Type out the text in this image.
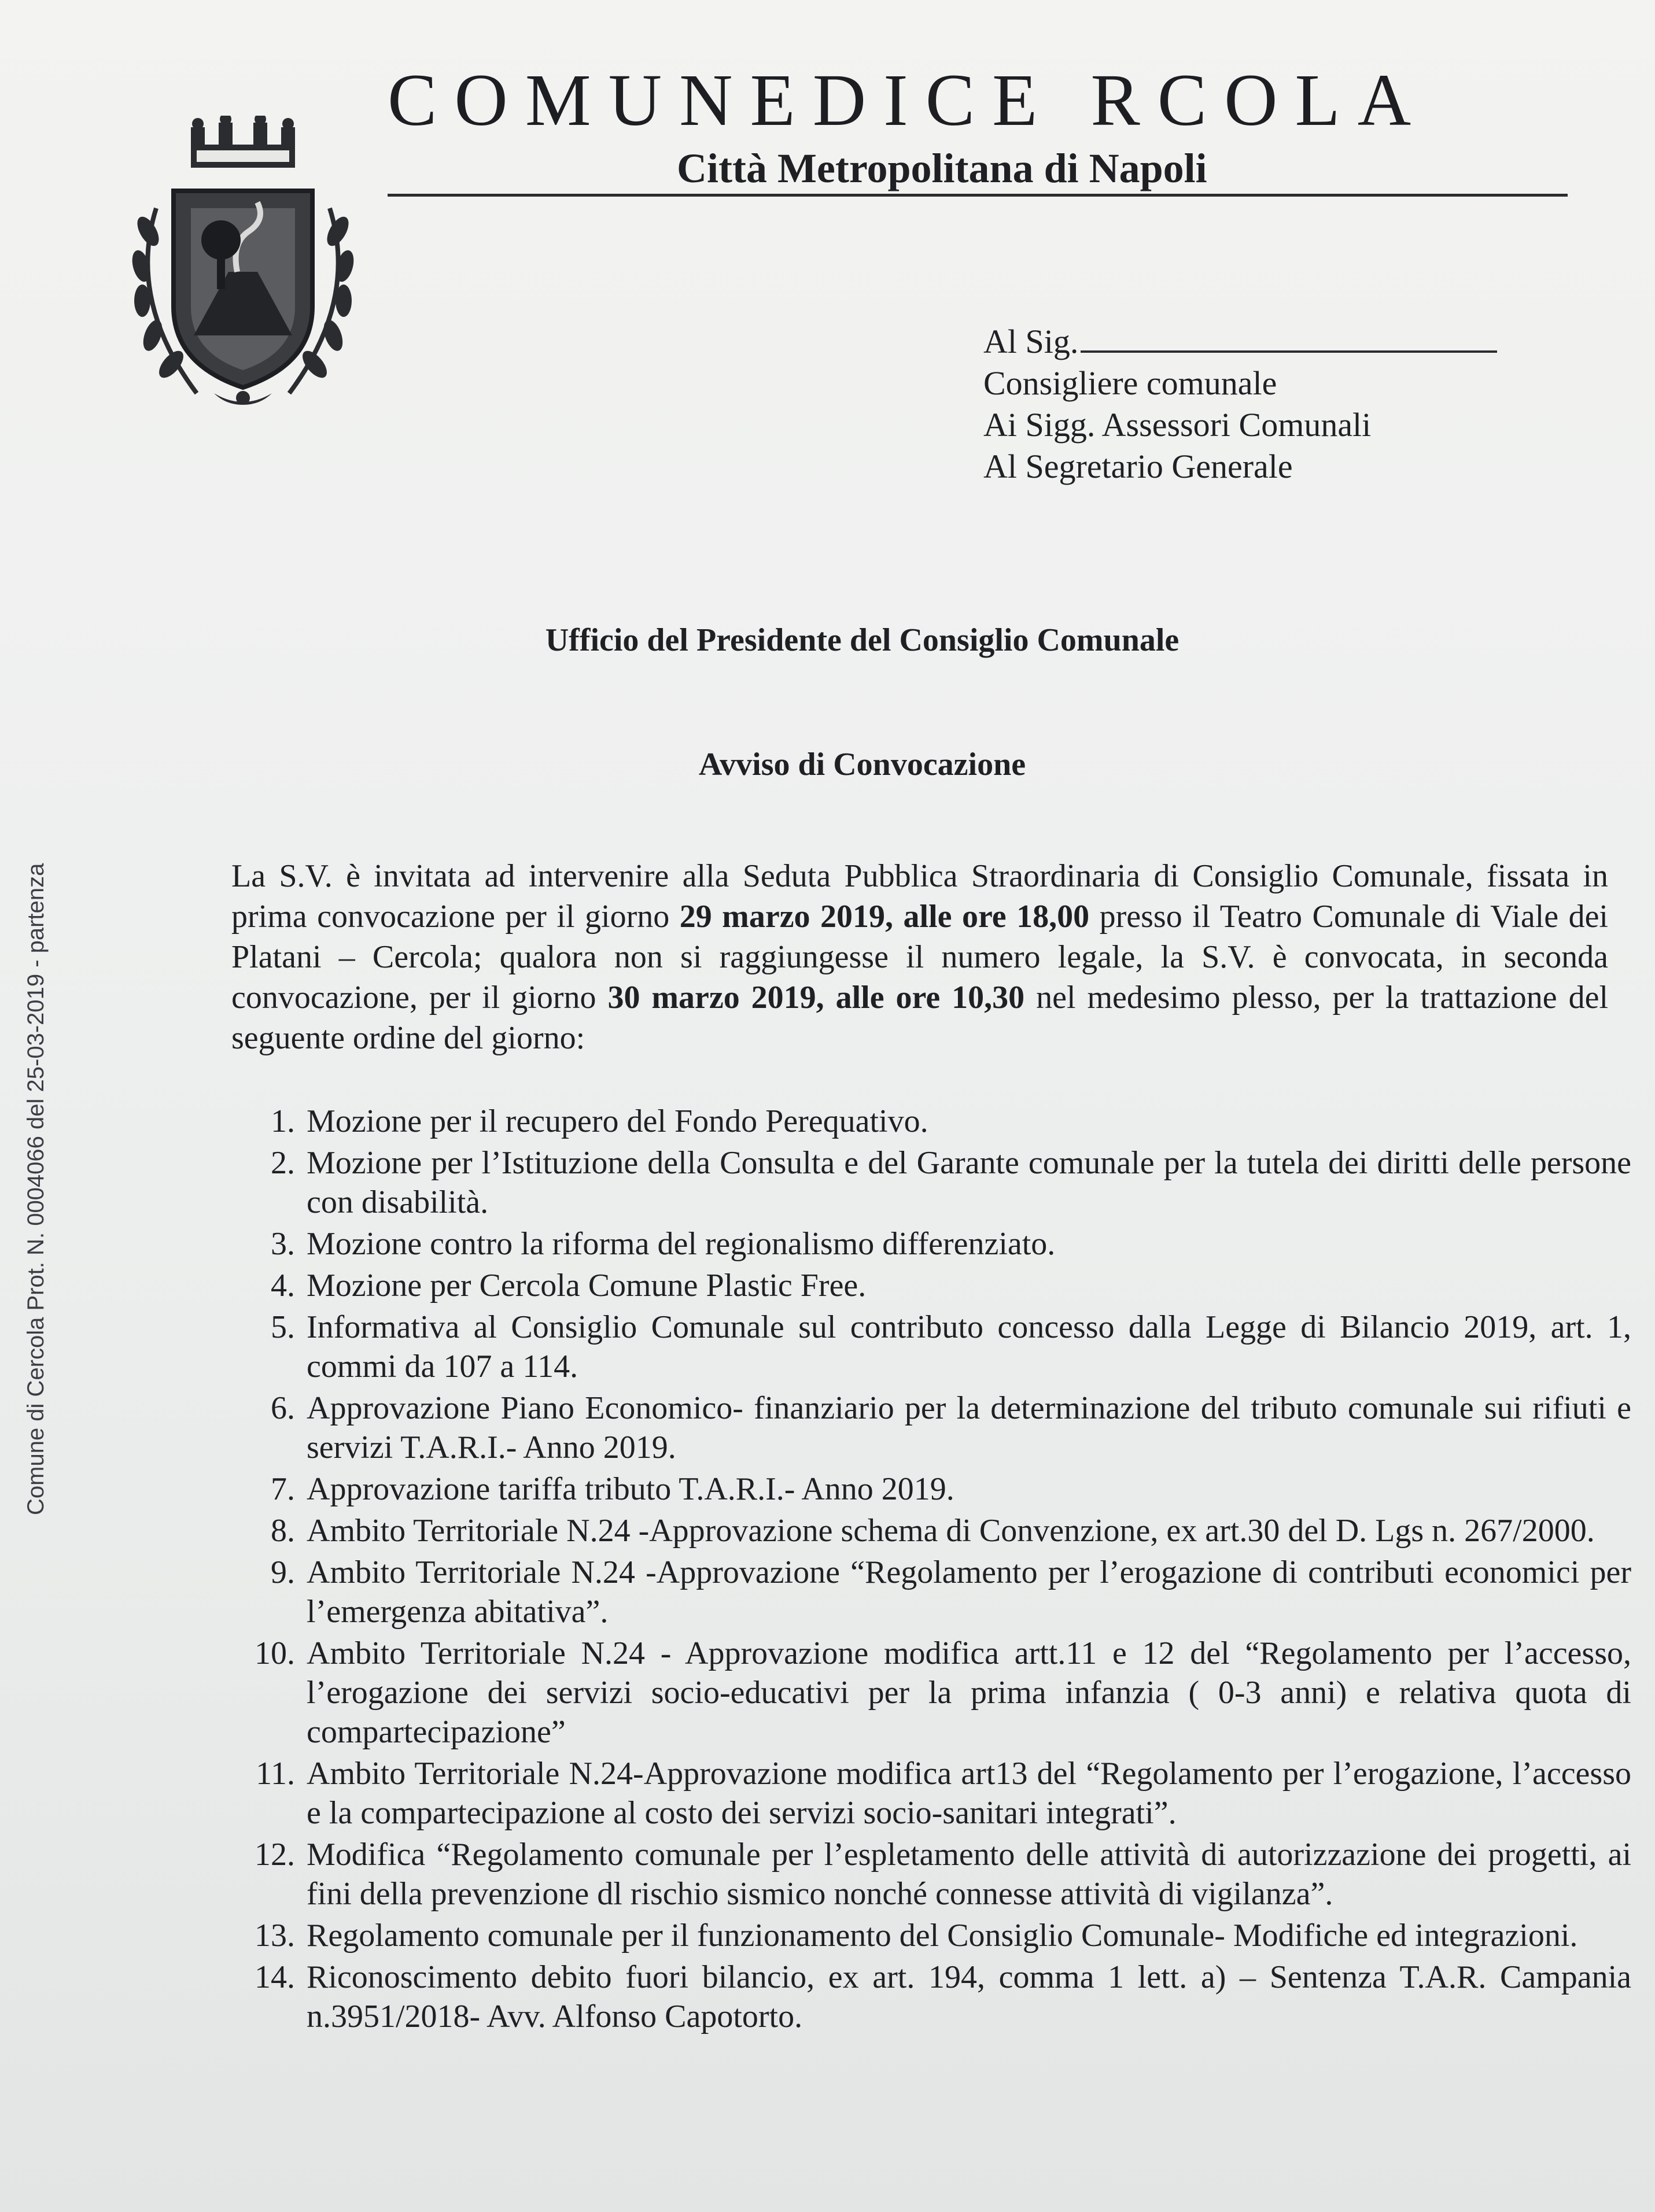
COMUNEDICE RCOLA
Città Metropolitana di Napoli
Al Sig.
Consigliere comunale
Ai Sigg. Assessori Comunali
Al Segretario Generale
Ufficio del Presidente del Consiglio Comunale
Avviso di Convocazione
Comune di Cercola Prot. N. 0004066 del 25-03-2019 - partenza	La S.V. è invitata ad intervenire alla Seduta Pubblica Straordinaria di Consiglio Comunale, fissata in prima convocazione per il giorno 29 marzo 2019, alle ore 18,00 presso il Teatro Comunale di Viale dei Platani – Cercola; qualora non si raggiungesse il numero legale, la S.V. è convocata, in seconda convocazione, per il giorno 30 marzo 2019, alle ore 10,30 nel medesimo plesso, per la trattazione del seguente ordine del giorno:
1. Mozione per il recupero del Fondo Perequativo.
2. Mozione per l’Istituzione della Consulta e del Garante comunale per la tutela dei diritti delle persone con disabilità.
3. Mozione contro la riforma del regionalismo differenziato.
4. Mozione per Cercola Comune Plastic Free.
5. Informativa al Consiglio Comunale sul contributo concesso dalla Legge di Bilancio 2019, art. 1, commi da 107 a 114.
6. Approvazione Piano Economico- finanziario per la determinazione del tributo comunale sui rifiuti e servizi T.A.R.I.- Anno 2019.
7. Approvazione tariffa tributo T.A.R.I.- Anno 2019.
8. Ambito Territoriale N.24 -Approvazione schema di Convenzione, ex art.30 del D. Lgs n. 267/2000.
9. Ambito Territoriale N.24 -Approvazione “Regolamento per l’erogazione di contributi economici per l’emergenza abitativa”.
10. Ambito Territoriale N.24 - Approvazione modifica artt.11 e 12 del “Regolamento per l’accesso, l’erogazione dei servizi socio-educativi per la prima infanzia ( 0-3 anni) e relativa quota di compartecipazione”
11. Ambito Territoriale N.24-Approvazione modifica art13 del “Regolamento per l’erogazione, l’accesso e la compartecipazione al costo dei servizi socio-sanitari integrati”.
12. Modifica “Regolamento comunale per l’espletamento delle attività di autorizzazione dei progetti, ai fini della prevenzione dl rischio sismico nonché connesse attività di vigilanza”.
13. Regolamento comunale per il funzionamento del Consiglio Comunale- Modifiche ed integrazioni.
14. Riconoscimento debito fuori bilancio, ex art. 194, comma 1 lett. a) – Sentenza T.A.R. Campania n.3951/2018- Avv. Alfonso Capotorto.
